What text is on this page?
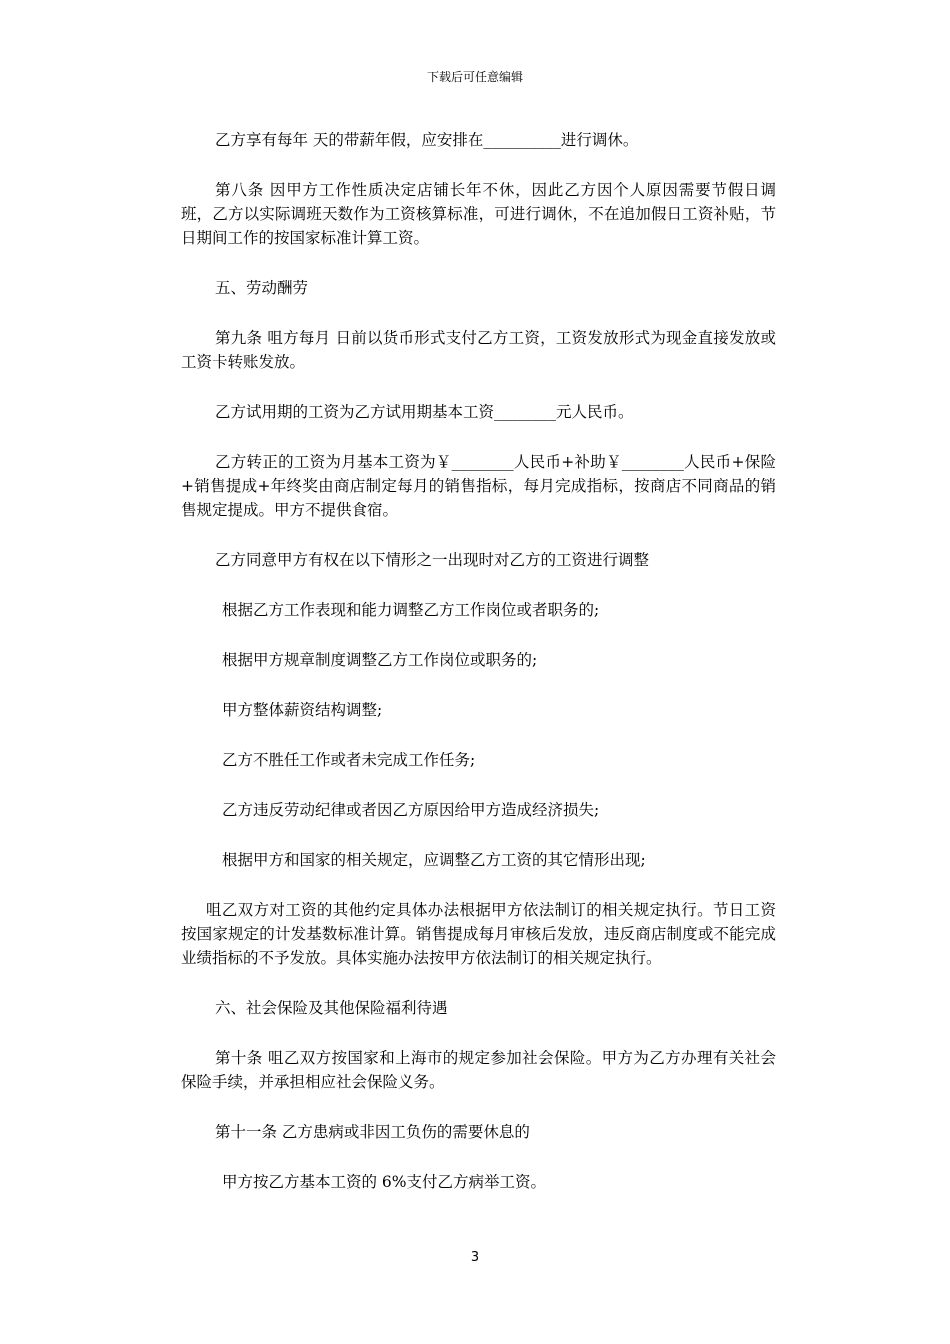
下载后可任意编辑

乙方享有每年 天的带薪年假，应安排在__________进行调休。

第八条 因甲方工作性质决定店铺长年不休，因此乙方因个人原因需要节假日调班，乙方以实际调班天数作为工资核算标准，可进行调休，不在追加假日工资补贴，节日期间工作的按国家标准计算工资。

五、劳动酬劳

第九条 咀方每月 日前以货币形式支付乙方工资，工资发放形式为现金直接发放或工资卡转账发放。

乙方试用期的工资为乙方试用期基本工资________元人民币。

乙方转正的工资为月基本工资为￥________人民币+补助￥________人民币+保险+销售提成+年终奖由商店制定每月的销售指标，每月完成指标，按商店不同商品的销售规定提成。甲方不提供食宿。

乙方同意甲方有权在以下情形之一出现时对乙方的工资进行调整

根据乙方工作表现和能力调整乙方工作岗位或者职务的;

根据甲方规章制度调整乙方工作岗位或职务的;

甲方整体薪资结构调整;

乙方不胜任工作或者未完成工作任务;

乙方违反劳动纪律或者因乙方原因给甲方造成经济损失;

根据甲方和国家的相关规定，应调整乙方工资的其它情形出现;

咀乙双方对工资的其他约定具体办法根据甲方依法制订的相关规定执行。节日工资按国家规定的计发基数标准计算。销售提成每月审核后发放，违反商店制度或不能完成业绩指标的不予发放。具体实施办法按甲方依法制订的相关规定执行。

六、社会保险及其他保险福利待遇

第十条 咀乙双方按国家和上海市的规定参加社会保险。甲方为乙方办理有关社会保险手续，并承担相应社会保险义务。

第十一条 乙方患病或非因工负伤的需要休息的

甲方按乙方基本工资的 6%支付乙方病举工资。

3
